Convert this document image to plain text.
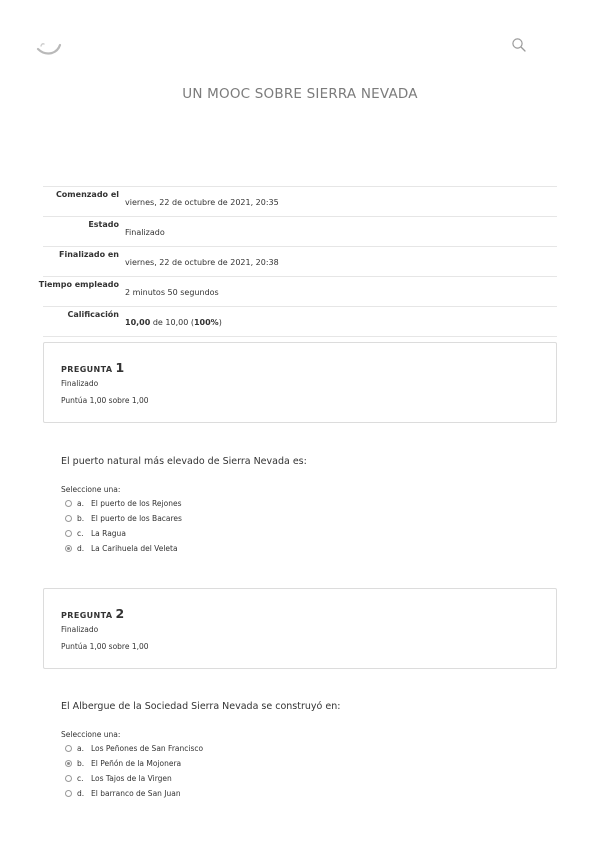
UN MOOC SOBRE SIERRA NEVADA
Comenzado el
viernes, 22 de octubre de 2021, 20:35
Estado
Finalizado
Finalizado en
viernes, 22 de octubre de 2021, 20:38
Tiempo empleado
2 minutos 50 segundos
Calificación
10,00 de 10,00 (100%)
PREGUNTA 1
Finalizado
Puntúa 1,00 sobre 1,00
El puerto natural más elevado de Sierra Nevada es:
Seleccione una:
a. El puerto de los Rejones
b. El puerto de los Bacares
c. La Ragua
d. La Carihuela del Veleta
PREGUNTA 2
Finalizado
Puntúa 1,00 sobre 1,00
El Albergue de la Sociedad Sierra Nevada se construyó en:
Seleccione una:
a. Los Peñones de San Francisco
b. El Peñón de la Mojonera
c. Los Tajos de la Virgen
d. El barranco de San Juan
